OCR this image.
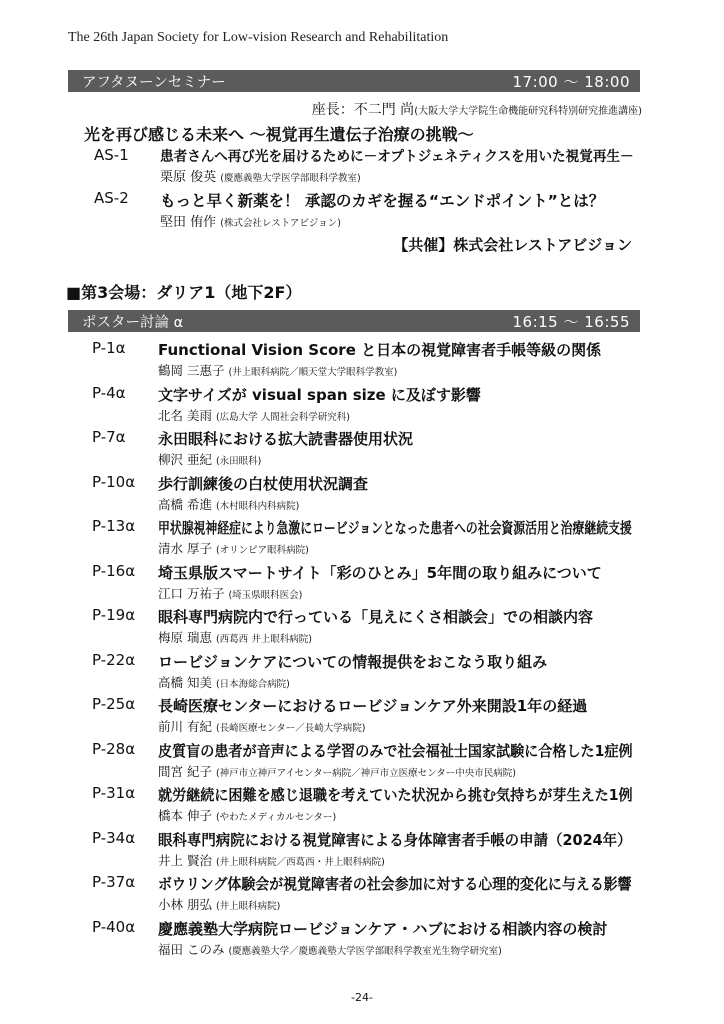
The 26th Japan Society for Low-vision Research and Rehabilitation
アフタヌーンセミナー	17:00 ～ 18:00
座長：不二門 尚(大阪大学大学院生命機能研究科特別研究推進講座)
光を再び感じる未来へ ～視覚再生遺伝子治療の挑戦～
AS-1 患者さんへ再び光を届けるために－オプトジェネティクスを用いた視覚再生－
栗原 俊英 (慶應義塾大学医学部眼科学教室)
AS-2 もっと早く新薬を！ 承認のカギを握る“エンドポイント”とは？
堅田 侑作 (株式会社レストアビジョン)
【共催】株式会社レストアビジョン
■第3会場：ダリア1（地下2F）
ポスター討論 α	16:15 ～ 16:55
P-1α Functional Vision Score と日本の視覚障害者手帳等級の関係
鶴岡 三惠子 (井上眼科病院／順天堂大学眼科学教室)
P-4α 文字サイズが visual span size に及ぼす影響
北名 美雨 (広島大学 人間社会科学研究科)
P-7α 永田眼科における拡大読書器使用状況
柳沢 亜紀 (永田眼科)
P-10α 歩行訓練後の白杖使用状況調査
高橋 希進 (木村眼科内科病院)
P-13α 甲状腺視神経症により急激にロービジョンとなった患者への社会資源活用と治療継続支援
清水 厚子 (オリンピア眼科病院)
P-16α 埼玉県版スマートサイト「彩のひとみ」5年間の取り組みについて
江口 万祐子 (埼玉県眼科医会)
P-19α 眼科専門病院内で行っている「見えにくさ相談会」での相談内容
梅原 瑞恵 (西葛西 井上眼科病院)
P-22α ロービジョンケアについての情報提供をおこなう取り組み
高橋 知美 (日本海総合病院)
P-25α 長崎医療センターにおけるロービジョンケア外来開設1年の経過
前川 有紀 (長崎医療センター／長崎大学病院)
P-28α 皮質盲の患者が音声による学習のみで社会福祉士国家試験に合格した1症例
間宮 紀子 (神戸市立神戸アイセンター病院／神戸市立医療センター中央市民病院)
P-31α 就労継続に困難を感じ退職を考えていた状況から挑む気持ちが芽生えた1例
橋本 伸子 (やわたメディカルセンター)
P-34α 眼科専門病院における視覚障害による身体障害者手帳の申請（2024年）
井上 賢治 (井上眼科病院／西葛西・井上眼科病院)
P-37α ボウリング体験会が視覚障害者の社会参加に対する心理的変化に与える影響
小林 朋弘 (井上眼科病院)
P-40α 慶應義塾大学病院ロービジョンケア・ハブにおける相談内容の検討
福田 このみ (慶應義塾大学／慶應義塾大学医学部眼科学教室光生物学研究室)
-24-
